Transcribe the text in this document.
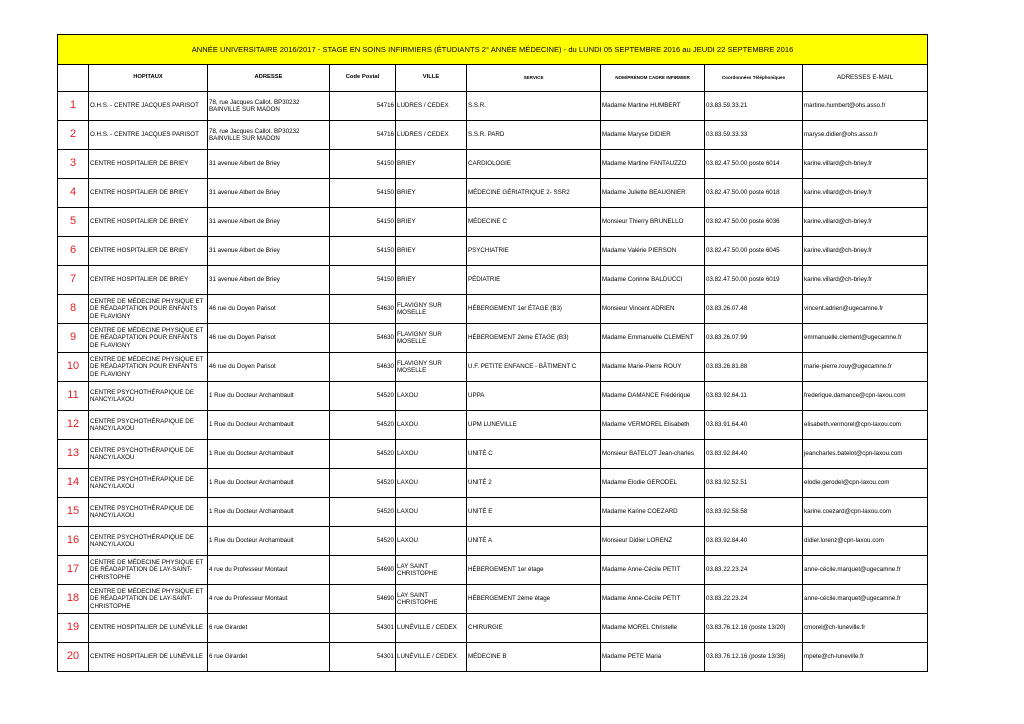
ANNÉE UNIVERSITAIRE 2016/2017 - STAGE EN SOINS INFIRMIERS (ÉTUDIANTS 2° ANNÉE MÉDECINE) - du LUNDI 05 SEPTEMBRE 2016 au JEUDI 22 SEPTEMBRE 2016								
	HOPITAUX	ADRESSE	Code Postal	VILLE	SERVICE	NOM/PRÉNOM CADRE INFIRMIER	Coordonnées Téléphoniques	ADRESSES E-MAIL
1	O.H.S. - CENTRE JACQUES PARISOT	78, rue Jacques Callot. BP30232 BAINVILLE SUR MADON	54716	LUDRES / CEDEX	S.S.R.	Madame Martine HUMBERT	03.83.59.33.21	martine.humbert@ohs.asso.fr
2	O.H.S. - CENTRE JACQUES PARISOT	78, rue Jacques Callot. BP30232 BAINVILLE SUR MADON	54716	LUDRES / CEDEX	S.S.R. PARD	Madame Maryse DIDIER	03.83.59.33.33	maryse.didier@ohs.asso.fr
3	CENTRE HOSPITALIER DE BRIEY	31 avenue Albert de Briey	54150	BRIEY	CARDIOLOGIE	Madame Martine FANTAUZZO	03.82.47.50.00 poste 6014	karine.villard@ch-briey.fr
4	CENTRE HOSPITALIER DE BRIEY	31 avenue Albert de Briey	54150	BRIEY	MÉDECINE GÉRIATRIQUE 2- SSR2	Madame Juliette BEAUGNIER	03.82.47.50.00 poste 6018	karine.villard@ch-briey.fr
5	CENTRE HOSPITALIER DE BRIEY	31 avenue Albert de Briey	54150	BRIEY	MÉDECINE C	Monsieur Thierry BRUNELLO	03.82.47.50.00 poste 6036	karine.villard@ch-briey.fr
6	CENTRE HOSPITALIER DE BRIEY	31 avenue Albert de Briey	54150	BRIEY	PSYCHIATRIE	Madame Valérie PIERSON	03.82.47.50.00 poste 6045	karine.villard@ch-briey.fr
7	CENTRE HOSPITALIER DE BRIEY	31 avenue Albert de Briey	54150	BRIEY	PÉDIATRIE	Madame Corinne BALDUCCI	03.82.47.50.00 poste 6019	karine.villard@ch-briey.fr
8	CENTRE DE MÉDECINE PHYSIQUE ET DE RÉADAPTATION POUR ENFANTS DE FLAVIGNY	46 rue du Doyen Parisot	54630	FLAVIGNY SUR MOSELLE	HÉBERGEMENT 1er ÉTAGE (B3)	Monsieur Vincent ADRIEN	03.83.26.07.48	vincent.adrien@ugecamne.fr
9	CENTRE DE MÉDECINE PHYSIQUE ET DE RÉADAPTATION POUR ENFANTS DE FLAVIGNY	46 rue du Doyen Parisot	54630	FLAVIGNY SUR MOSELLE	HÉBERGEMENT 2ème ÉTAGE (B3)	Madame Emmanuelle CLEMENT	03.83.26.07.99	emmanuelle.clement@ugecamne.fr
10	CENTRE DE MÉDECINE PHYSIQUE ET DE RÉADAPTATION POUR ENFANTS DE FLAVIGNY	46 rue du Doyen Parisot	54630	FLAVIGNY SUR MOSELLE	U.F. PETITE ENFANCE - BÂTIMENT C	Madame Marie-Pierre ROUY	03.83.26.81.88	marie-pierre.rouy@ugecamne.fr
11	CENTRE PSYCHOTHÉRAPIQUE DE NANCY/LAXOU	1 Rue du Docteur Archambault	54520	LAXOU	UPPA	Madame DAMANCE Frédérique	03.83.92.64.11	frederique.damance@cpn-laxou.com
12	CENTRE PSYCHOTHÉRAPIQUE DE NANCY/LAXOU	1 Rue du Docteur Archambault	54520	LAXOU	UPM LUNEVILLE	Madame VERMOREL Elisabeth	03.83.91.64.40	elisabeth.vermorel@cpn-laxou.com
13	CENTRE PSYCHOTHÉRAPIQUE DE NANCY/LAXOU	1 Rue du Docteur Archambault	54520	LAXOU	UNITÉ C	Monsieur BATELOT Jean-charles	03.83.92.84.40	jeancharles.batelot@cpn-laxou.com
14	CENTRE PSYCHOTHÉRAPIQUE DE NANCY/LAXOU	1 Rue du Docteur Archambault	54520	LAXOU	UNITÉ 2	Madame Elodie GERODEL	03.83.92.52.51	elodie.gerodel@cpn-laxou.com
15	CENTRE PSYCHOTHÉRAPIQUE DE NANCY/LAXOU	1 Rue du Docteur Archambault	54520	LAXOU	UNITÉ E	Madame Karine COEZARD	03.83.92.58.58	karine.coezard@cpn-laxou.com
16	CENTRE PSYCHOTHÉRAPIQUE DE NANCY/LAXOU	1 Rue du Docteur Archambault	54520	LAXOU	UNITÉ A	Monsieur Didier LORENZ	03.83.92.84.40	didier.lorenz@cpn-laxou.com
17	CENTRE DE MÉDECINE PHYSIQUE ET DE RÉADAPTATION DE LAY-SAINT-CHRISTOPHE	4 rue du Professeur Montaut	54690	LAY SAINT CHRISTOPHE	HÉBERGEMENT 1er étage	Madame Anne-Cécile PETIT	03.83.22.23.24	anne-cécile.marquet@ugecamne.fr
18	CENTRE DE MÉDECINE PHYSIQUE ET DE RÉADAPTATION DE LAY-SAINT-CHRISTOPHE	4 rue du Professeur Montaut	54690	LAY SAINT CHRISTOPHE	HÉBERGEMENT 2ème étage	Madame Anne-Cécile PETIT	03.83.22.23.24	anne-cécile.marquet@ugecamne.fr
19	CENTRE HOSPITALIER DE LUNÉVILLE	6 rue Girardet	54301	LUNÉVILLE / CEDEX	CHIRURGIE	Madame MOREL Christelle	03.83.76.12.16 (poste 13/20)	cmorel@ch-luneville.fr
20	CENTRE HOSPITALIER DE LUNÉVILLE	6 rue Girardet	54301	LUNÉVILLE / CEDEX	MÉDECINE B	Madame PETE Maria	03.83.76.12.16 (poste 13/36)	mpete@ch-luneville.fr
